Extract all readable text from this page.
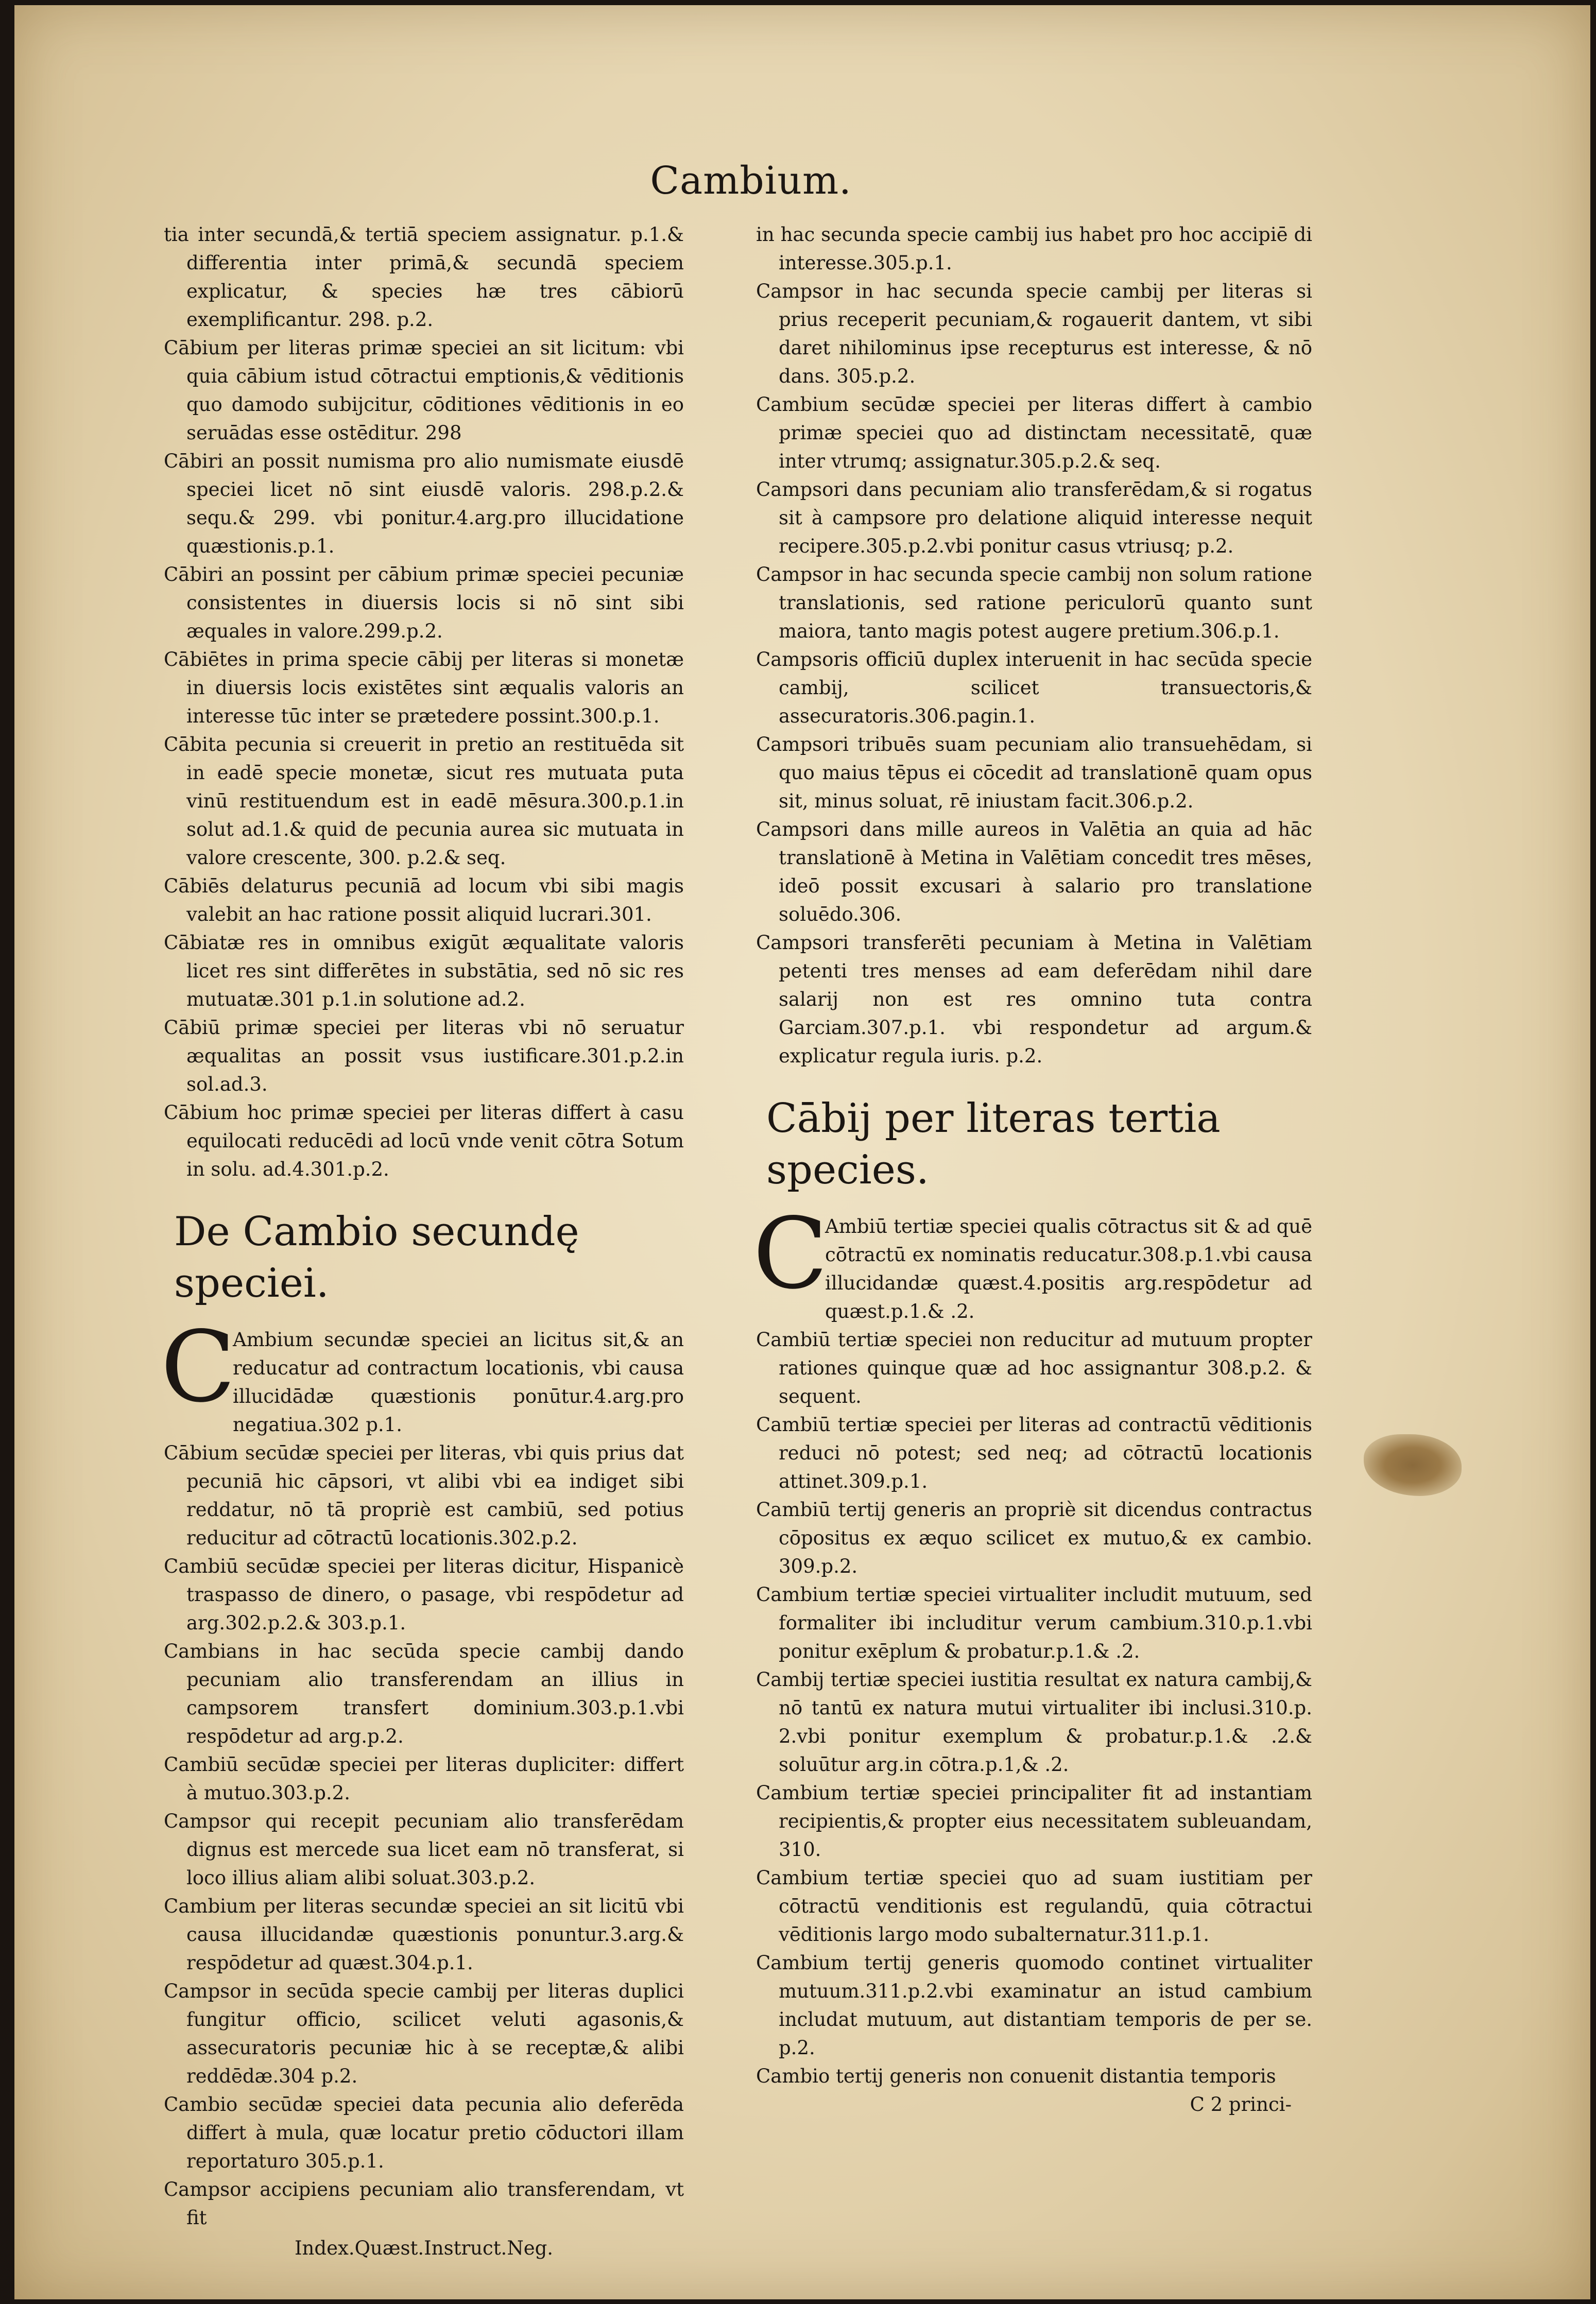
Cambium.

tia inter secundā,& tertiā speciem assignatur. p.1.& differentia inter primā,& secundā speciem explicatur, & species hæ tres cābiorū exemplificantur. 298. p.2.

Cābium per literas primæ speciei an sit licitum: vbi quia cābium istud cōtractui emptionis,& vēditionis quo damodo subijcitur, cōditiones vēditionis in eo seruādas esse ostēditur. 298

Cābiri an possit numisma pro alio numismate eiusdē speciei licet nō sint eiusdē valoris. 298.p.2.& sequ.& 299. vbi ponitur.4.arg.pro illucidatione quæstionis.p.1.

Cābiri an possint per cābium primæ speciei pecuniæ consistentes in diuersis locis si nō sint sibi æquales in valore.299.p.2.

Cābiētes in prima specie cābij per literas si monetæ in diuersis locis existētes sint æqualis valoris an interesse tūc inter se prætedere possint.300.p.1.

Cābita pecunia si creuerit in pretio an restituēda sit in eadē specie monetæ, sicut res mutuata puta vinū restituendum est in eadē mēsura.300.p.1.in solut ad.1.& quid de pecunia aurea sic mutuata in valore crescente, 300. p.2.& seq.

Cābiēs delaturus pecuniā ad locum vbi sibi magis valebit an hac ratione possit aliquid lucrari.301.

Cābiatæ res in omnibus exigūt æqualitate valoris licet res sint differētes in substātia, sed nō sic res mutuatæ.301 p.1.in solutione ad.2.

Cābiū primæ speciei per literas vbi nō seruatur æqualitas an possit vsus iustificare.301.p.2.in sol.ad.3.

Cābium hoc primæ speciei per literas differt à casu equilocati reducēdi ad locū vnde venit cōtra Sotum in solu. ad.4.301.p.2.

De Cambio secundę speciei.
C

Ambium secundæ speciei an licitus sit,& an reducatur ad contractum locationis, vbi causa illucidādæ quæstionis ponūtur.4.arg.pro negatiua.302 p.1.

Cābium secūdæ speciei per literas, vbi quis prius dat pecuniā hic cāpsori, vt alibi vbi ea indiget sibi reddatur, nō tā propriè est cambiū, sed potius reducitur ad cōtractū locationis.302.p.2.

Cambiū secūdæ speciei per literas dicitur, Hispanicè traspasso de dinero, o pasage, vbi respōdetur ad arg.302.p.2.& 303.p.1.

Cambians in hac secūda specie cambij dando pecuniam alio transferendam an illius in campsorem transfert dominium.303.p.1.vbi respōdetur ad arg.p.2.

Cambiū secūdæ speciei per literas dupliciter: differt à mutuo.303.p.2.

Campsor qui recepit pecuniam alio transferēdam dignus est mercede sua licet eam nō transferat, si loco illius aliam alibi soluat.303.p.2.

Cambium per literas secundæ speciei an sit licitū vbi causa illucidandæ quæstionis ponuntur.3.arg.& respōdetur ad quæst.304.p.1.

Campsor in secūda specie cambij per literas duplici fungitur officio, scilicet veluti agasonis,& assecuratoris pecuniæ hic à se receptæ,& alibi reddēdæ.304 p.2.

Cambio secūdæ speciei data pecunia alio deferēda differt à mula, quæ locatur pretio cōductori illam reportaturo 305.p.1.

Campsor accipiens pecuniam alio transferendam, vt fit

Index.Quæst.Instruct.Neg.

in hac secunda specie cambij ius habet pro hoc accipiē di interesse.305.p.1.

Campsor in hac secunda specie cambij per literas si prius receperit pecuniam,& rogauerit dantem, vt sibi daret nihilominus ipse recepturus est interesse, & nō dans. 305.p.2.

Cambium secūdæ speciei per literas differt à cambio primæ speciei quo ad distinctam necessitatē, quæ inter vtrumq; assignatur.305.p.2.& seq.

Campsori dans pecuniam alio transferēdam,& si rogatus sit à campsore pro delatione aliquid interesse nequit recipere.305.p.2.vbi ponitur casus vtriusq; p.2.

Campsor in hac secunda specie cambij non solum ratione translationis, sed ratione periculorū quanto sunt maiora, tanto magis potest augere pretium.306.p.1.

Campsoris officiū duplex interuenit in hac secūda specie cambij, scilicet transuectoris,& assecuratoris.306.pagin.1.

Campsori tribuēs suam pecuniam alio transuehēdam, si quo maius tēpus ei cōcedit ad translationē quam opus sit, minus soluat, rē iniustam facit.306.p.2.

Campsori dans mille aureos in Valētia an quia ad hāc translationē à Metina in Valētiam concedit tres mēses, ideō possit excusari à salario pro translatione soluēdo.306.

Campsori transferēti pecuniam à Metina in Valētiam petenti tres menses ad eam deferēdam nihil dare salarij non est res omnino tuta contra Garciam.307.p.1. vbi respondetur ad argum.& explicatur regula iuris. p.2.

Cābij per literas tertia species.
C

Ambiū tertiæ speciei qualis cōtractus sit & ad quē cōtractū ex nominatis reducatur.308.p.1.vbi causa illucidandæ quæst.4.positis arg.respōdetur ad quæst.p.1.& .2.

Cambiū tertiæ speciei non reducitur ad mutuum propter rationes quinque quæ ad hoc assignantur 308.p.2. & sequent.

Cambiū tertiæ speciei per literas ad contractū vēditionis reduci nō potest; sed neq; ad cōtractū locationis attinet.309.p.1.

Cambiū tertij generis an propriè sit dicendus contractus cōpositus ex æquo scilicet ex mutuo,& ex cambio. 309.p.2.

Cambium tertiæ speciei virtualiter includit mutuum, sed formaliter ibi includitur verum cambium.310.p.1.vbi ponitur exēplum & probatur.p.1.& .2.

Cambij tertiæ speciei iustitia resultat ex natura cambij,& nō tantū ex natura mutui virtualiter ibi inclusi.310.p. 2.vbi ponitur exemplum & probatur.p.1.& .2.& soluūtur arg.in cōtra.p.1,& .2.

Cambium tertiæ speciei principaliter fit ad instantiam recipientis,& propter eius necessitatem subleuandam, 310.

Cambium tertiæ speciei quo ad suam iustitiam per cōtractū venditionis est regulandū, quia cōtractui vēditionis largo modo subalternatur.311.p.1.

Cambium tertij generis quomodo continet virtualiter mutuum.311.p.2.vbi examinatur an istud cambium includat mutuum, aut distantiam temporis de per se. p.2.

Cambio tertij generis non conuenit distantia temporis

C 2 princi-
